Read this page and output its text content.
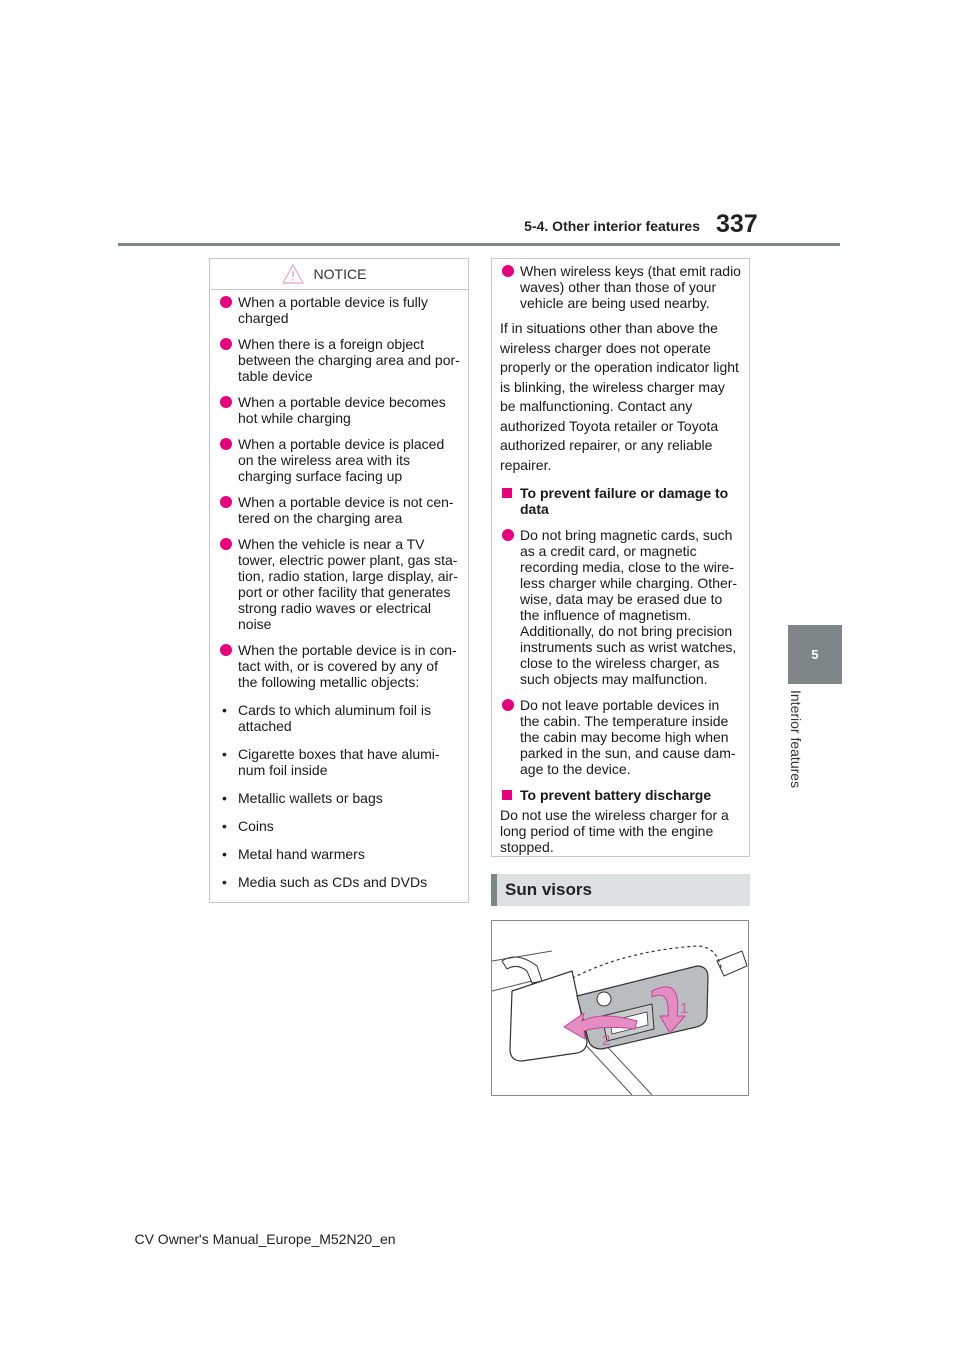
5-4. Other interior features 337
5
Interior features
NOTICE
When a portable device is fully charged
When there is a foreign object between the charging area and por-table device
When a portable device becomes hot while charging
When a portable device is placed on the wireless area with its charging surface facing up
When a portable device is not cen-tered on the charging area
When the vehicle is near a TV tower, electric power plant, gas sta-tion, radio station, large display, air-port or other facility that generates strong radio waves or electrical noise
When the portable device is in con-tact with, or is covered by any of the following metallic objects:
• Cards to which aluminum foil is attached
• Cigarette boxes that have alumi-num foil inside
• Metallic wallets or bags
• Coins
• Metal hand warmers
• Media such as CDs and DVDs
When wireless keys (that emit radio waves) other than those of your vehicle are being used nearby.
If in situations other than above the wireless charger does not operate properly or the operation indicator light is blinking, the wireless charger may be malfunctioning. Contact any authorized Toyota retailer or Toyota authorized repairer, or any reliable repairer.
To prevent failure or damage to data
Do not bring magnetic cards, such as a credit card, or magnetic recording media, close to the wire-less charger while charging. Other-wise, data may be erased due to the influence of magnetism. Additionally, do not bring precision instruments such as wrist watches, close to the wireless charger, as such objects may malfunction.
Do not leave portable devices in the cabin. The temperature inside the cabin may become high when parked in the sun, and cause dam-age to the device.
To prevent battery discharge
Do not use the wireless charger for a long period of time with the engine stopped.
Sun visors
1
2
CV Owner's Manual_Europe_M52N20_en
